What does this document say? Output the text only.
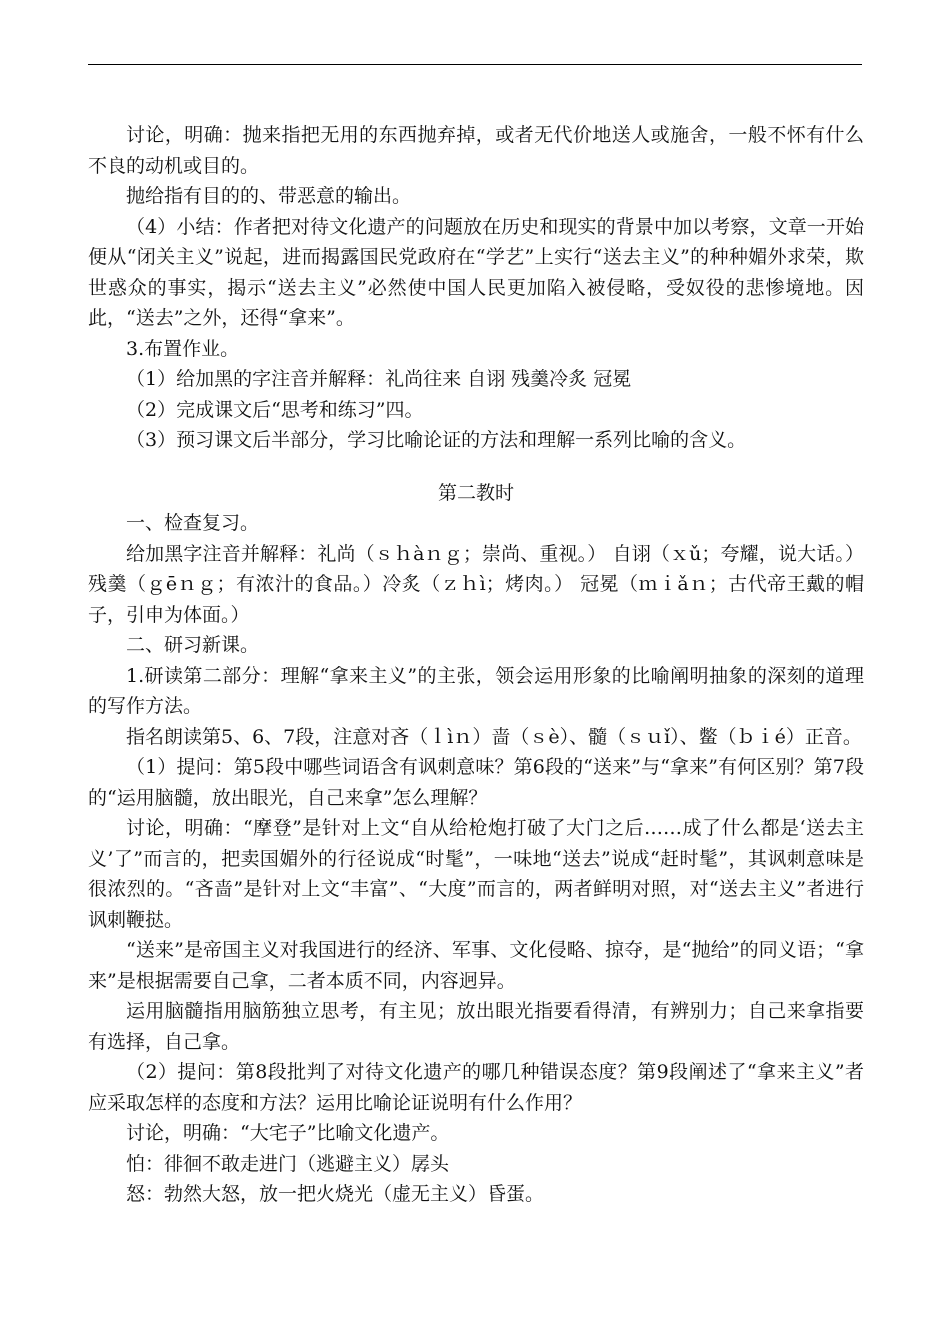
讨论，明确：抛来指把无用的东西抛弃掉，或者无代价地送人或施舍，一般不怀有什么不良的动机或目的。

抛给指有目的的、带恶意的输出。

（4）小结：作者把对待文化遗产的问题放在历史和现实的背景中加以考察，文章一开始便从“闭关主义”说起，进而揭露国民党政府在“学艺”上实行“送去主义”的种种媚外求荣，欺世惑众的事实，揭示“送去主义”必然使中国人民更加陷入被侵略，受奴役的悲惨境地。因此，“送去”之外，还得“拿来”。

3.布置作业。

（1）给加黑的字注音并解释：礼尚往来 自诩 残羹冷炙 冠冕

（2）完成课文后“思考和练习”四。

（3）预习课文后半部分，学习比喻论证的方法和理解一系列比喻的含义。

第二教时

一、检查复习。

给加黑字注音并解释：礼尚（ｓｈàｎｇ；崇尚、重视。） 自诩（ｘǔ；夸耀，说大话。） 残羹（ｇēｎｇ；有浓汁的食品。）冷炙（ｚｈì；烤肉。） 冠冕（ｍｉǎｎ；古代帝王戴的帽子，引申为体面。）

二、研习新课。

1.研读第二部分：理解“拿来主义”的主张，领会运用形象的比喻阐明抽象的深刻的道理的写作方法。

指名朗读第5、6、7段，注意对吝（ｌìｎ）啬（ｓè）、髓（ｓｕǐ）、鳖（ｂｉé）正音。

（1）提问：第5段中哪些词语含有讽刺意味？第6段的“送来”与“拿来”有何区别？第7段的“运用脑髓，放出眼光，自己来拿”怎么理解？

讨论，明确：“摩登”是针对上文“自从给枪炮打破了大门之后……成了什么都是‘送去主义’了”而言的，把卖国媚外的行径说成“时髦”，一味地“送去”说成“赶时髦”，其讽刺意味是很浓烈的。“吝啬”是针对上文“丰富”、“大度”而言的，两者鲜明对照，对“送去主义”者进行讽刺鞭挞。

“送来”是帝国主义对我国进行的经济、军事、文化侵略、掠夺，是“抛给”的同义语；“拿来”是根据需要自己拿，二者本质不同，内容迥异。

运用脑髓指用脑筋独立思考，有主见；放出眼光指要看得清，有辨别力；自己来拿指要有选择，自己拿。

（2）提问：第8段批判了对待文化遗产的哪几种错误态度？第9段阐述了“拿来主义”者应采取怎样的态度和方法？运用比喻论证说明有什么作用？

讨论，明确：“大宅子”比喻文化遗产。

怕：徘徊不敢走进门（逃避主义）孱头

怒：勃然大怒，放一把火烧光（虚无主义）昏蛋。
